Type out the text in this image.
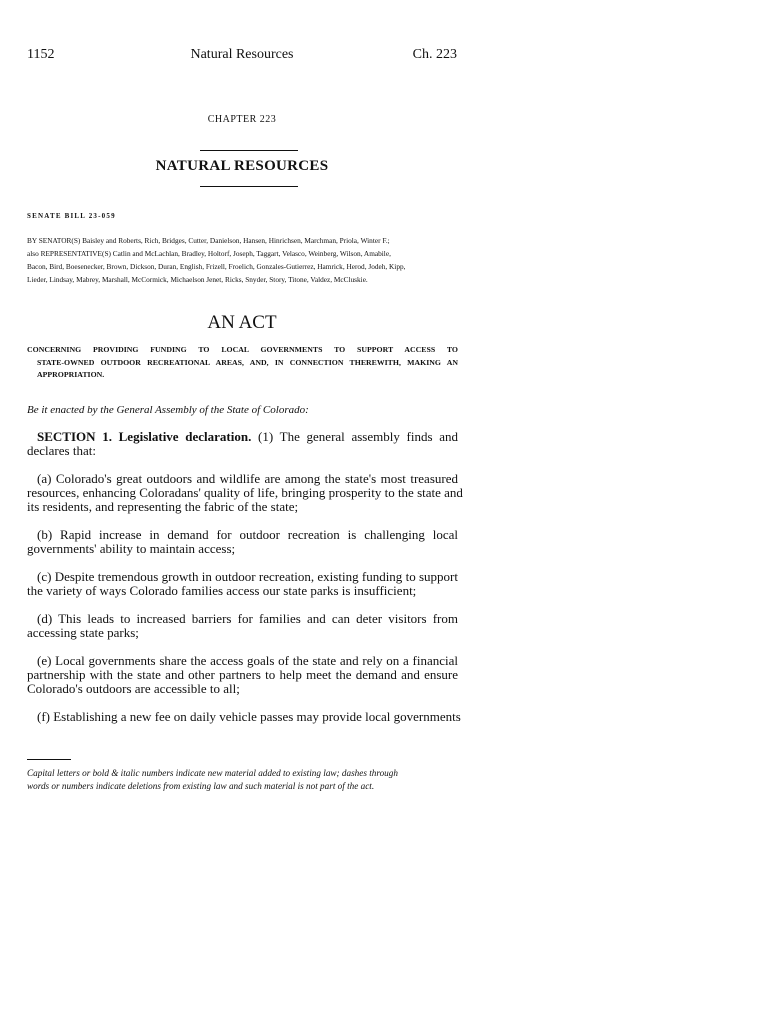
1152	Natural Resources	Ch. 223
CHAPTER 223
NATURAL RESOURCES
SENATE BILL 23-059
BY SENATOR(S) Baisley and Roberts, Rich, Bridges, Cutter, Danielson, Hansen, Hinrichsen, Marchman, Priola, Winter F.;
also REPRESENTATIVE(S) Catlin and McLachlan, Bradley, Holtorf, Joseph, Taggart, Velasco, Weinberg, Wilson, Amabile,
Bacon, Bird, Boesenecker, Brown, Dickson, Duran, English, Frizell, Froelich, Gonzales-Gutierrez, Hamrick, Herod, Jodeh, Kipp,
Lieder, Lindsay, Mabrey, Marshall, McCormick, Michaelson Jenet, Ricks, Snyder, Story, Titone, Valdez, McCluskie.
AN ACT
CONCERNING PROVIDING FUNDING TO LOCAL GOVERNMENTS TO SUPPORT ACCESS TO
STATE-OWNED OUTDOOR RECREATIONAL AREAS, AND, IN CONNECTION THEREWITH, MAKING AN
APPROPRIATION.
Be it enacted by the General Assembly of the State of Colorado:
SECTION 1. Legislative declaration. (1) The general assembly finds and
declares that:
(a) Colorado's great outdoors and wildlife are among the state's most treasured
resources, enhancing Coloradans' quality of life, bringing prosperity to the state and
its residents, and representing the fabric of the state;
(b) Rapid increase in demand for outdoor recreation is challenging local
governments' ability to maintain access;
(c) Despite tremendous growth in outdoor recreation, existing funding to support
the variety of ways Colorado families access our state parks is insufficient;
(d) This leads to increased barriers for families and can deter visitors from
accessing state parks;
(e) Local governments share the access goals of the state and rely on a financial
partnership with the state and other partners to help meet the demand and ensure
Colorado's outdoors are accessible to all;
(f) Establishing a new fee on daily vehicle passes may provide local governments
Capital letters or bold & italic numbers indicate new material added to existing law; dashes through
words or numbers indicate deletions from existing law and such material is not part of the act.
